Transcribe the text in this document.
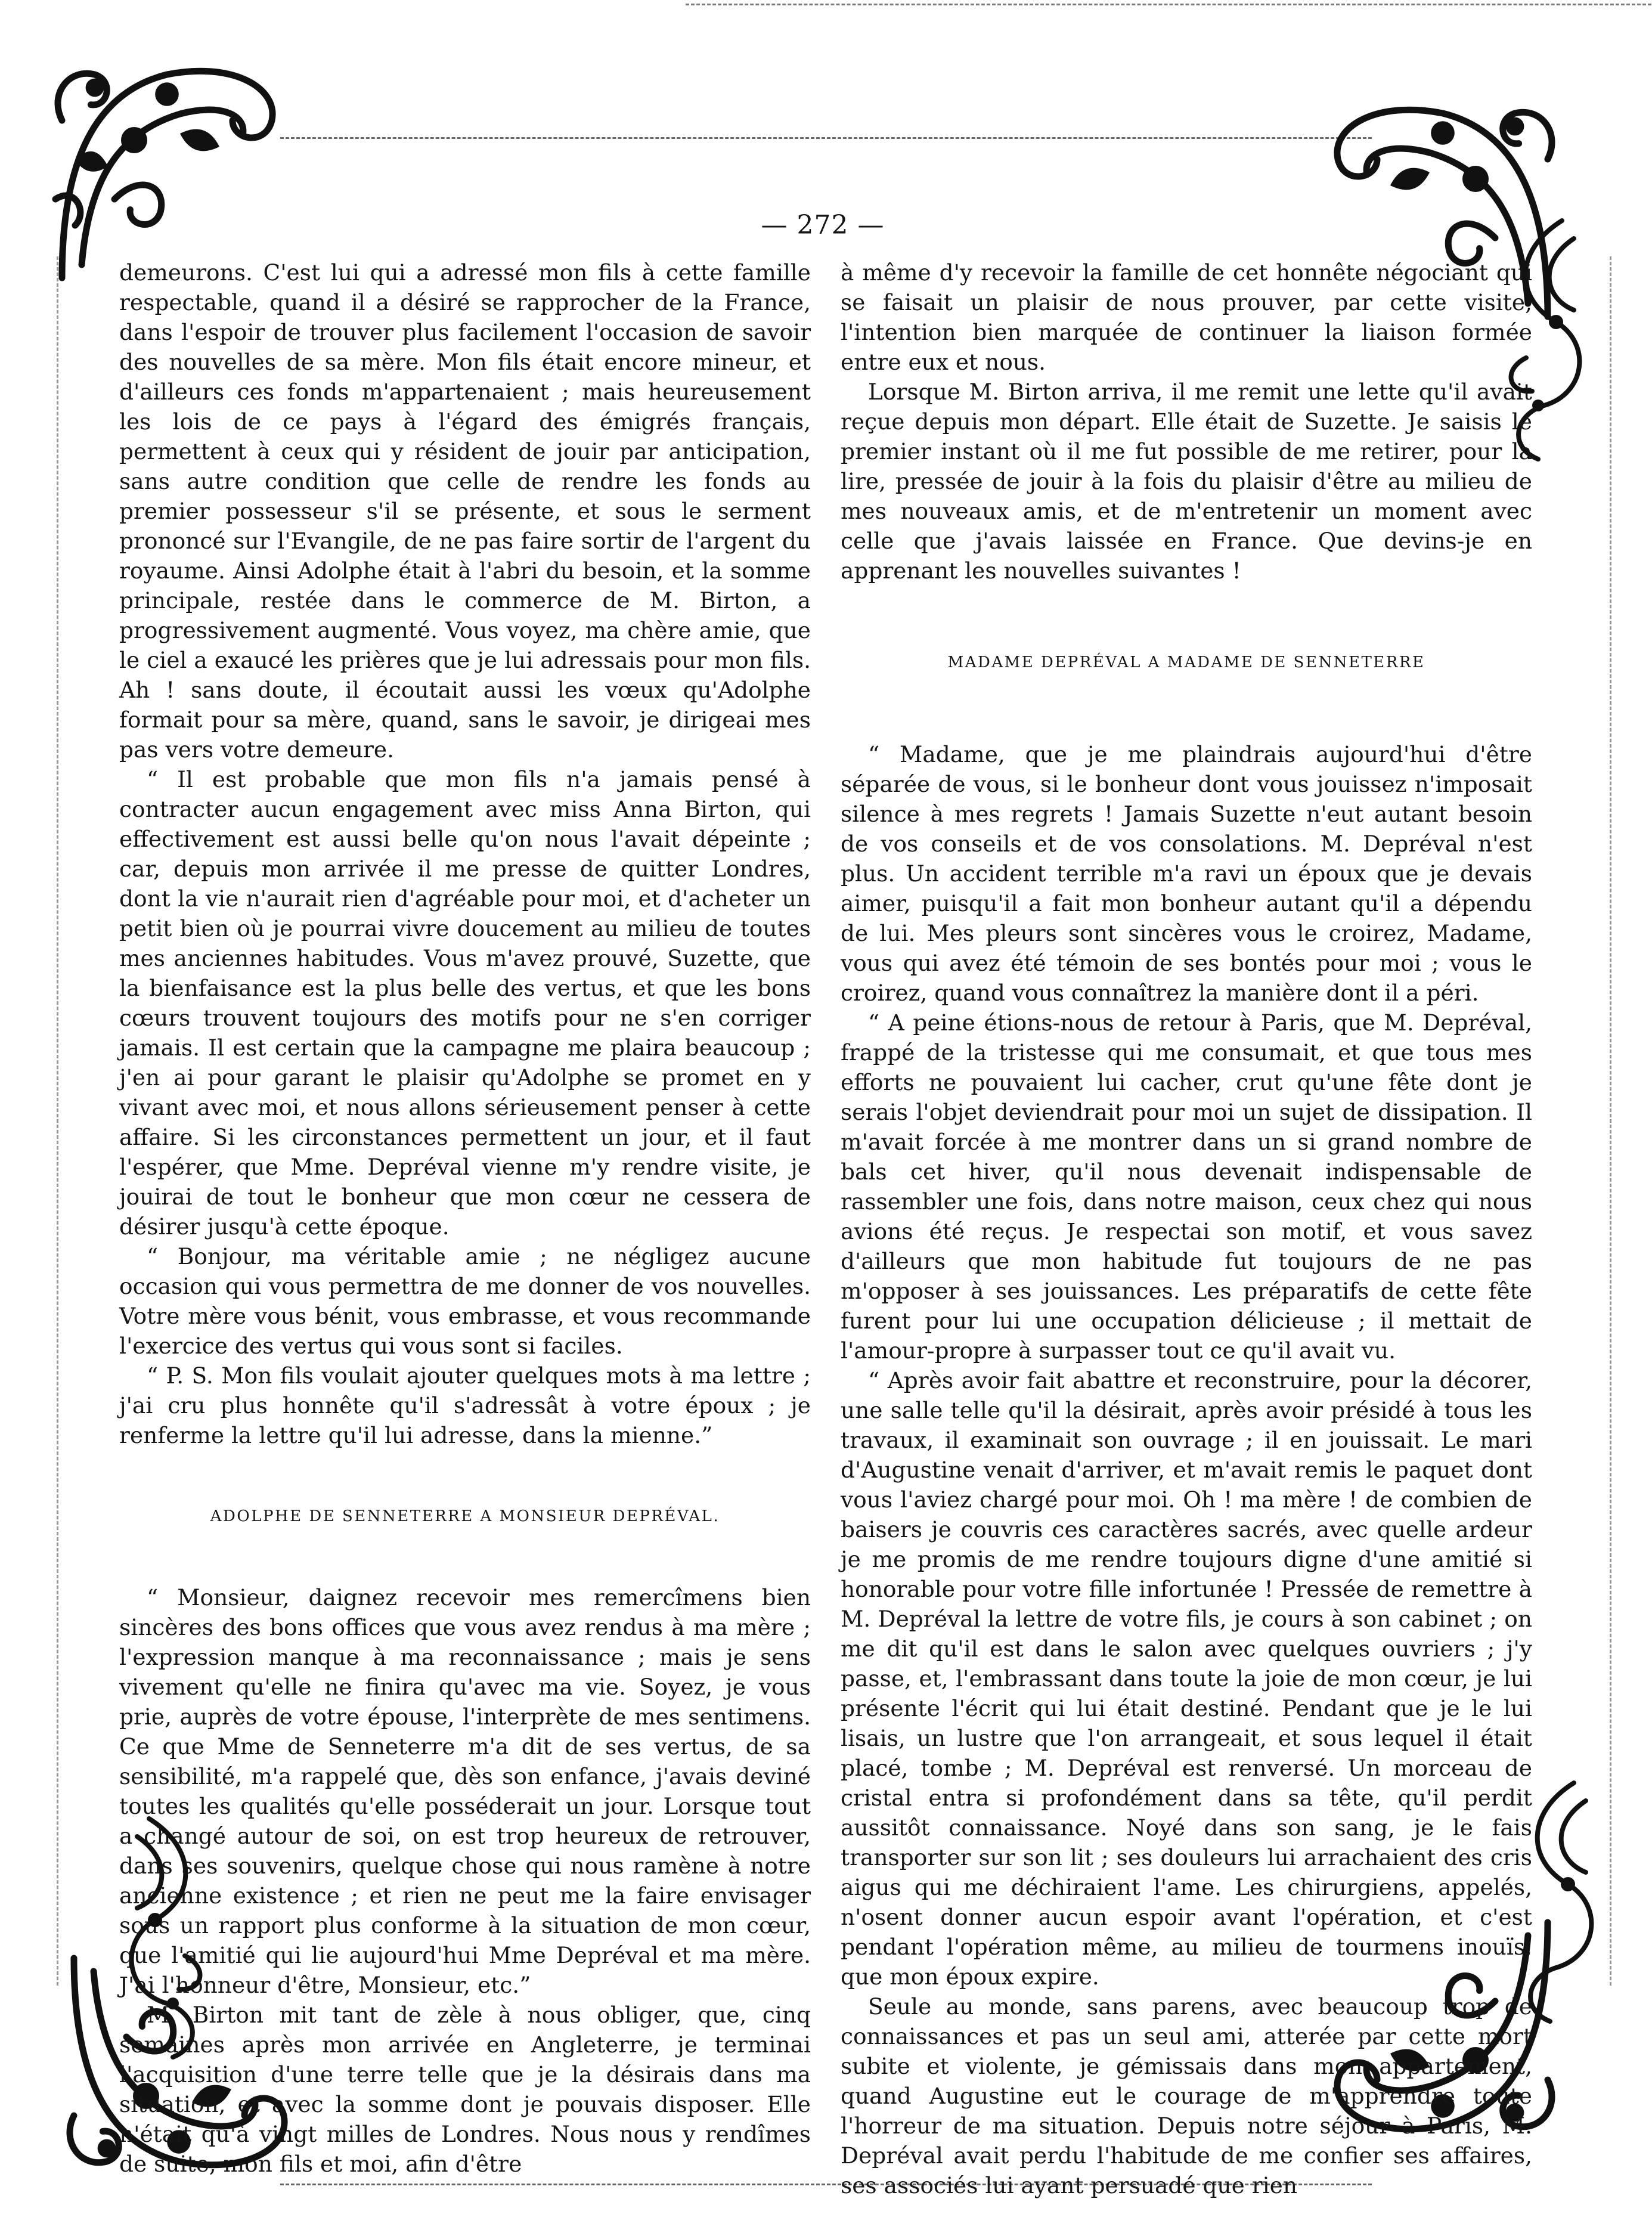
— 272 —

demeurons. C'est lui qui a adressé mon fils à cette famille respectable, quand il a désiré se rapprocher de la France, dans l'espoir de trouver plus facilement l'occasion de savoir des nouvelles de sa mère. Mon fils était encore mineur, et d'ailleurs ces fonds m'appartenaient ; mais heureusement les lois de ce pays à l'égard des émigrés français, permettent à ceux qui y résident de jouir par anticipation, sans autre condition que celle de rendre les fonds au premier possesseur s'il se présente, et sous le serment prononcé sur l'Evangile, de ne pas faire sortir de l'argent du royaume. Ainsi Adolphe était à l'abri du besoin, et la somme principale, restée dans le commerce de M. Birton, a progressivement augmenté. Vous voyez, ma chère amie, que le ciel a exaucé les prières que je lui adressais pour mon fils. Ah ! sans doute, il écoutait aussi les vœux qu'Adolphe formait pour sa mère, quand, sans le savoir, je dirigeai mes pas vers votre demeure.

“ Il est probable que mon fils n'a jamais pensé à contracter aucun engagement avec miss Anna Birton, qui effectivement est aussi belle qu'on nous l'avait dépeinte ; car, depuis mon arrivée il me presse de quitter Londres, dont la vie n'aurait rien d'agréable pour moi, et d'acheter un petit bien où je pourrai vivre doucement au milieu de toutes mes anciennes habitudes. Vous m'avez prouvé, Suzette, que la bienfaisance est la plus belle des vertus, et que les bons cœurs trouvent toujours des motifs pour ne s'en corriger jamais. Il est certain que la campagne me plaira beaucoup ; j'en ai pour garant le plaisir qu'Adolphe se promet en y vivant avec moi, et nous allons sérieusement penser à cette affaire. Si les circonstances permettent un jour, et il faut l'espérer, que Mme. Depréval vienne m'y rendre visite, je jouirai de tout le bonheur que mon cœur ne cessera de désirer jusqu'à cette époque.

“ Bonjour, ma véritable amie ; ne négligez aucune occasion qui vous permettra de me donner de vos nouvelles. Votre mère vous bénit, vous embrasse, et vous recommande l'exercice des vertus qui vous sont si faciles.

“ P. S. Mon fils voulait ajouter quelques mots à ma lettre ; j'ai cru plus honnête qu'il s'adressât à votre époux ; je renferme la lettre qu'il lui adresse, dans la mienne.”

ADOLPHE DE SENNETERRE A MONSIEUR DEPRÉVAL.

“ Monsieur, daignez recevoir mes remercîmens bien sincères des bons offices que vous avez rendus à ma mère ; l'expression manque à ma reconnaissance ; mais je sens vivement qu'elle ne finira qu'avec ma vie. Soyez, je vous prie, auprès de votre épouse, l'interprète de mes sentimens. Ce que Mme de Senneterre m'a dit de ses vertus, de sa sensibilité, m'a rappelé que, dès son enfance, j'avais deviné toutes les qualités qu'elle posséderait un jour. Lorsque tout a changé autour de soi, on est trop heureux de retrouver, dans ses souvenirs, quelque chose qui nous ramène à notre ancienne existence ; et rien ne peut me la faire envisager sous un rapport plus conforme à la situation de mon cœur, que l'amitié qui lie aujourd'hui Mme Depréval et ma mère. J'ai l'honneur d'être, Monsieur, etc.”

M. Birton mit tant de zèle à nous obliger, que, cinq semaines après mon arrivée en Angleterre, je terminai l'acquisition d'une terre telle que je la désirais dans ma situation, et avec la somme dont je pouvais disposer. Elle n'était qu'à vingt milles de Londres. Nous nous y rendîmes de suite, mon fils et moi, afin d'être

à même d'y recevoir la famille de cet honnête négociant qui se faisait un plaisir de nous prouver, par cette visite, l'intention bien marquée de continuer la liaison formée entre eux et nous.

Lorsque M. Birton arriva, il me remit une lette qu'il avait reçue depuis mon départ. Elle était de Suzette. Je saisis le premier instant où il me fut possible de me retirer, pour la lire, pressée de jouir à la fois du plaisir d'être au milieu de mes nouveaux amis, et de m'entretenir un moment avec celle que j'avais laissée en France. Que devins-je en apprenant les nouvelles suivantes !

MADAME DEPRÉVAL A MADAME DE SENNETERRE

“ Madame, que je me plaindrais aujourd'hui d'être séparée de vous, si le bonheur dont vous jouissez n'imposait silence à mes regrets ! Jamais Suzette n'eut autant besoin de vos conseils et de vos consolations. M. Depréval n'est plus. Un accident terrible m'a ravi un époux que je devais aimer, puisqu'il a fait mon bonheur autant qu'il a dépendu de lui. Mes pleurs sont sincères vous le croirez, Madame, vous qui avez été témoin de ses bontés pour moi ; vous le croirez, quand vous connaîtrez la manière dont il a péri.

“ A peine étions-nous de retour à Paris, que M. Depréval, frappé de la tristesse qui me consumait, et que tous mes efforts ne pouvaient lui cacher, crut qu'une fête dont je serais l'objet deviendrait pour moi un sujet de dissipation. Il m'avait forcée à me montrer dans un si grand nombre de bals cet hiver, qu'il nous devenait indispensable de rassembler une fois, dans notre maison, ceux chez qui nous avions été reçus. Je respectai son motif, et vous savez d'ailleurs que mon habitude fut toujours de ne pas m'opposer à ses jouissances. Les préparatifs de cette fête furent pour lui une occupation délicieuse ; il mettait de l'amour-propre à surpasser tout ce qu'il avait vu.

“ Après avoir fait abattre et reconstruire, pour la décorer, une salle telle qu'il la désirait, après avoir présidé à tous les travaux, il examinait son ouvrage ; il en jouissait. Le mari d'Augustine venait d'arriver, et m'avait remis le paquet dont vous l'aviez chargé pour moi. Oh ! ma mère ! de combien de baisers je couvris ces caractères sacrés, avec quelle ardeur je me promis de me rendre toujours digne d'une amitié si honorable pour votre fille infortunée ! Pressée de remettre à M. Depréval la lettre de votre fils, je cours à son cabinet ; on me dit qu'il est dans le salon avec quelques ouvriers ; j'y passe, et, l'embrassant dans toute la joie de mon cœur, je lui présente l'écrit qui lui était destiné. Pendant que je le lui lisais, un lustre que l'on arrangeait, et sous lequel il était placé, tombe ; M. Depréval est renversé. Un morceau de cristal entra si profondément dans sa tête, qu'il perdit aussitôt connaissance. Noyé dans son sang, je le fais transporter sur son lit ; ses douleurs lui arrachaient des cris aigus qui me déchiraient l'ame. Les chirurgiens, appelés, n'osent donner aucun espoir avant l'opération, et c'est pendant l'opération même, au milieu de tourmens inouïs, que mon époux expire.

Seule au monde, sans parens, avec beaucoup trop de connaissances et pas un seul ami, atterée par cette mort subite et violente, je gémissais dans mon appartement, quand Augustine eut le courage de m'apprendre toute l'horreur de ma situation. Depuis notre séjour à Paris, M. Depréval avait perdu l'habitude de me confier ses affaires, ses associés lui ayant persuadé que rien
